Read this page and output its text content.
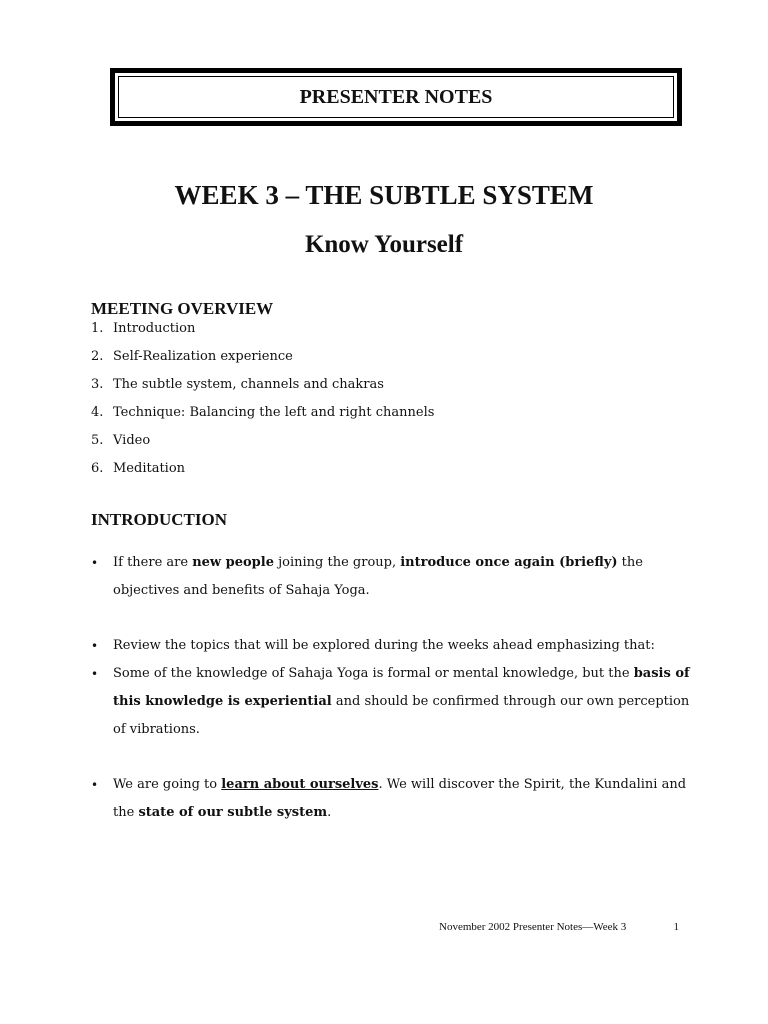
PRESENTER NOTES
WEEK 3 – THE SUBTLE SYSTEM
Know Yourself
MEETING OVERVIEW
1. Introduction
2. Self-Realization experience
3. The subtle system, channels and chakras
4. Technique: Balancing the left and right channels
5. Video
6. Meditation
INTRODUCTION
•	If there are new people joining the group, introduce once again (briefly) the objectives and benefits of Sahaja Yoga.
•	Review the topics that will be explored during the weeks ahead emphasizing that:
•	Some of the knowledge of Sahaja Yoga is formal or mental knowledge, but the basis of this knowledge is experiential and should be confirmed through our own perception of vibrations.
•	We are going to learn about ourselves. We will discover the Spirit, the Kundalini and the state of our subtle system.
November 2002 Presenter Notes—Week 3	1
